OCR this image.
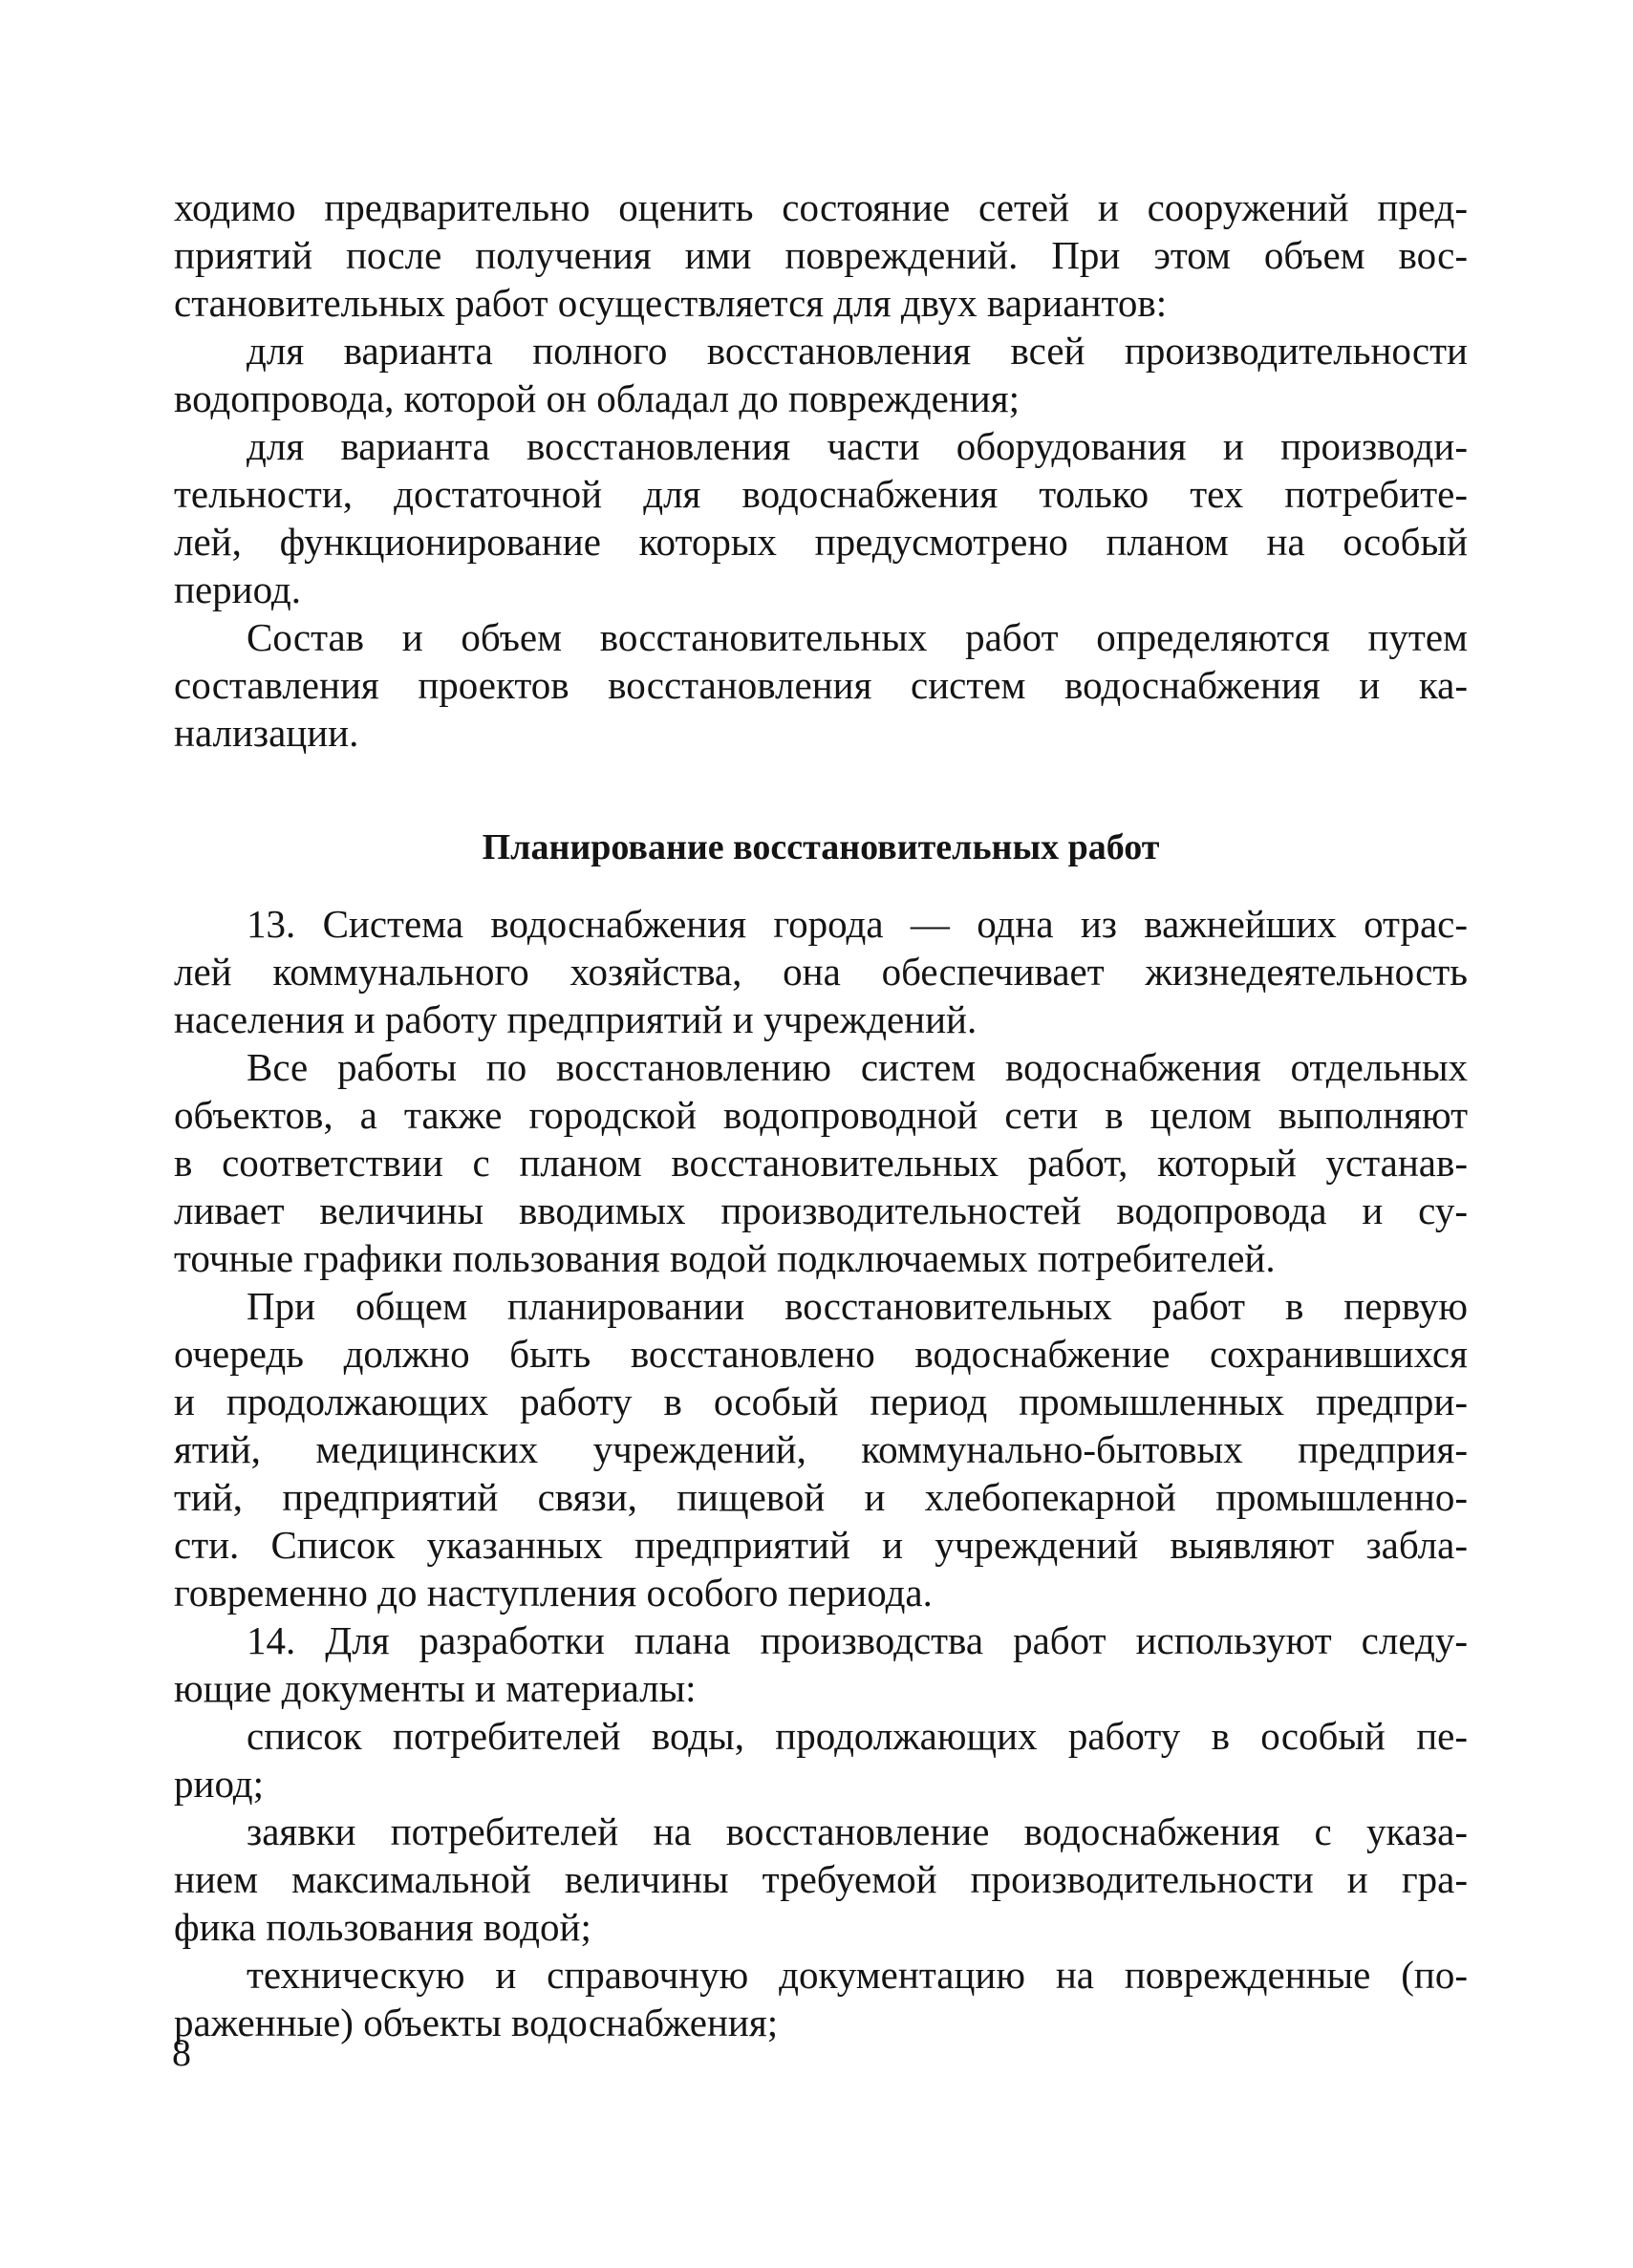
ходимо предварительно оценить состояние сетей и сооружений пред-
приятий после получения ими повреждений. При этом объем вос-
становительных работ осуществляется для двух вариантов:
для варианта полного восстановления всей производительности
водопровода, которой он обладал до повреждения;
для варианта восстановления части оборудования и производи-
тельности, достаточной для водоснабжения только тех потребите-
лей, функционирование которых предусмотрено планом на особый
период.
Состав и объем восстановительных работ определяются путем
составления проектов восстановления систем водоснабжения и ка-
нализации.
Планирование восстановительных работ
13. Система водоснабжения города — одна из важнейших отрас-
лей коммунального хозяйства, она обеспечивает жизнедеятельность
населения и работу предприятий и учреждений.
Все работы по восстановлению систем водоснабжения отдельных
объектов, а также городской водопроводной сети в целом выполняют
в соответствии с планом восстановительных работ, который устанав-
ливает величины вводимых производительностей водопровода и су-
точные графики пользования водой подключаемых потребителей.
При общем планировании восстановительных работ в первую
очередь должно быть восстановлено водоснабжение сохранившихся
и продолжающих работу в особый период промышленных предпри-
ятий, медицинских учреждений, коммунально-бытовых предприя-
тий, предприятий связи, пищевой и хлебопекарной промышленно-
сти. Список указанных предприятий и учреждений выявляют забла-
говременно до наступления особого периода.
14. Для разработки плана производства работ используют следу-
ющие документы и материалы:
список потребителей воды, продолжающих работу в особый пе-
риод;
заявки потребителей на восстановление водоснабжения с указа-
нием максимальной величины требуемой производительности и гра-
фика пользования водой;
техническую и справочную документацию на поврежденные (по-
раженные) объекты водоснабжения;
8
